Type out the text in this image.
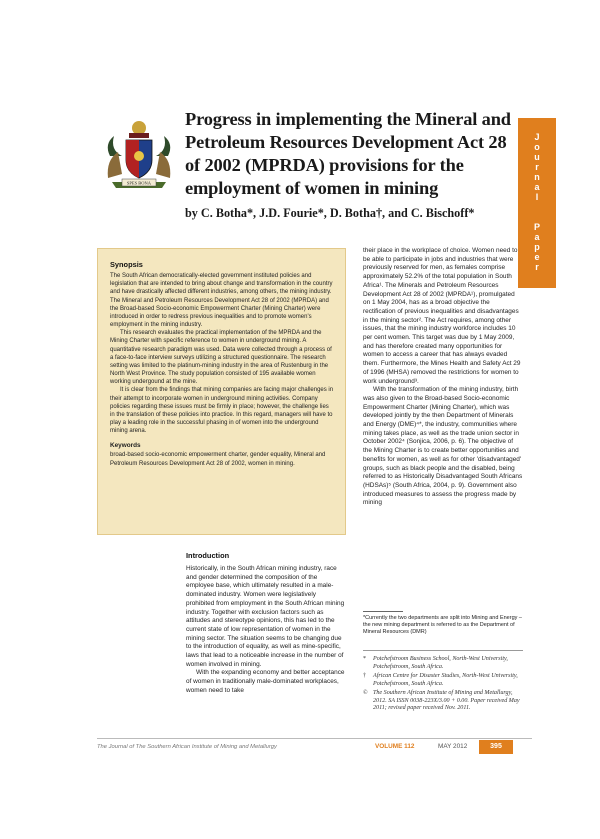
SPES BONA
Progress in implementing the Mineral and Petroleum Resources Development Act 28 of 2002 (MPRDA) provisions for the employment of women in mining

by C. Botha*, J.D. Fourie*, D. Botha†, and C. Bischoff*

J
o
u
r
n
a
l
P
a
p
e
r

Synopsis

The South African democratically-elected government instituted policies and legislation that are intended to bring about change and transformation in the country and have drastically affected different industries, among others, the mining industry. The Mineral and Petroleum Resources Development Act 28 of 2002 (MPRDA) and the Broad-based Socio-economic Empowerment Charter (Mining Charter) were introduced in order to redress previous inequalities and to promote women's employment in the mining industry.

This research evaluates the practical implementation of the MPRDA and the Mining Charter with specific reference to women in underground mining. A quantitative research paradigm was used. Data were collected through a process of a face-to-face interview surveys utilizing a structured questionnaire. The research setting was limited to the platinum-mining industry in the area of Rustenburg in the North West Province. The study population consisted of 195 available women working undergound at the mine.

It is clear from the findings that mining companies are facing major challenges in their attempt to incorporate women in underground mining activities. Company policies regarding these issues must be firmly in place; however, the challenge lies in the translation of these policies into practice. In this regard, managers will have to play a leading role in the successful phasing in of women into the underground mining arena.

Keywords

broad-based socio-economic empowerment charter, gender equality, Mineral and Petroleum Resources Development Act 28 of 2002, women in mining.

Introduction

Historically, in the South African mining industry, race and gender determined the composition of the employee base, which ultimately resulted in a male-dominated industry. Women were legislatively prohibited from employment in the South African mining industry. Together with exclusion factors such as attitudes and stereotype opinions, this has led to the current state of low representation of women in the mining sector. The situation seems to be changing due to the introduction of equality, as well as mine-specific, laws that lead to a noticeable increase in the number of women involved in mining.

With the expanding economy and better acceptance of women in traditionally male-dominated workplaces, women need to take

their place in the workplace of choice. Women need to be able to participate in jobs and industries that were previously reserved for men, as females comprise approximately 52.2% of the total population in South Africa¹. The Minerals and Petroleum Resources Development Act 28 of 2002 (MPRDA¹), promulgated on 1 May 2004, has as a broad objective the rectification of previous inequalities and disadvantages in the mining sector². The Act requires, among other issues, that the mining industry workforce includes 10 per cent women. This target was due by 1 May 2009, and has therefore created many opportunities for women to access a career that has always evaded them. Furthermore, the Mines Health and Safety Act 29 of 1996 (MHSA) removed the restrictions for women to work underground³.

With the transformation of the mining industry, birth was also given to the Broad-based Socio-economic Empowerment Charter (Mining Charter), which was developed jointly by the then Department of Minerals and Energy (DME)⁴*, the industry, communities where mining takes place, as well as the trade union sector in October 2002⁴ (Sonjica, 2006, p. 6). The objective of the Mining Charter is to create better opportunities and benefits for women, as well as for other 'disadvantaged' groups, such as black people and the disabled, being referred to as Historically Disadvantaged South Africans (HDSAs)⁵ (South Africa, 2004, p. 9). Government also introduced measures to assess the progress made by mining

*Currently the two departments are split into Mining and Energy – the new mining department is referred to as the Department of Mineral Resources (DMR)

* Potchefstroom Business School, North-West University, Potchefstroom, South Africa.

† African Centre for Disaster Studies, North-West University, Potchefstroom, South Africa.

© The Southern African Institute of Mining and Metallurgy, 2012. SA ISSN 0038-223X/3.00 + 0.00. Paper received May 2011; revised paper received Nov. 2011.

The Journal of The Southern African Institute of Mining and Metallurgy	VOLUME 112	MAY 2012	395
